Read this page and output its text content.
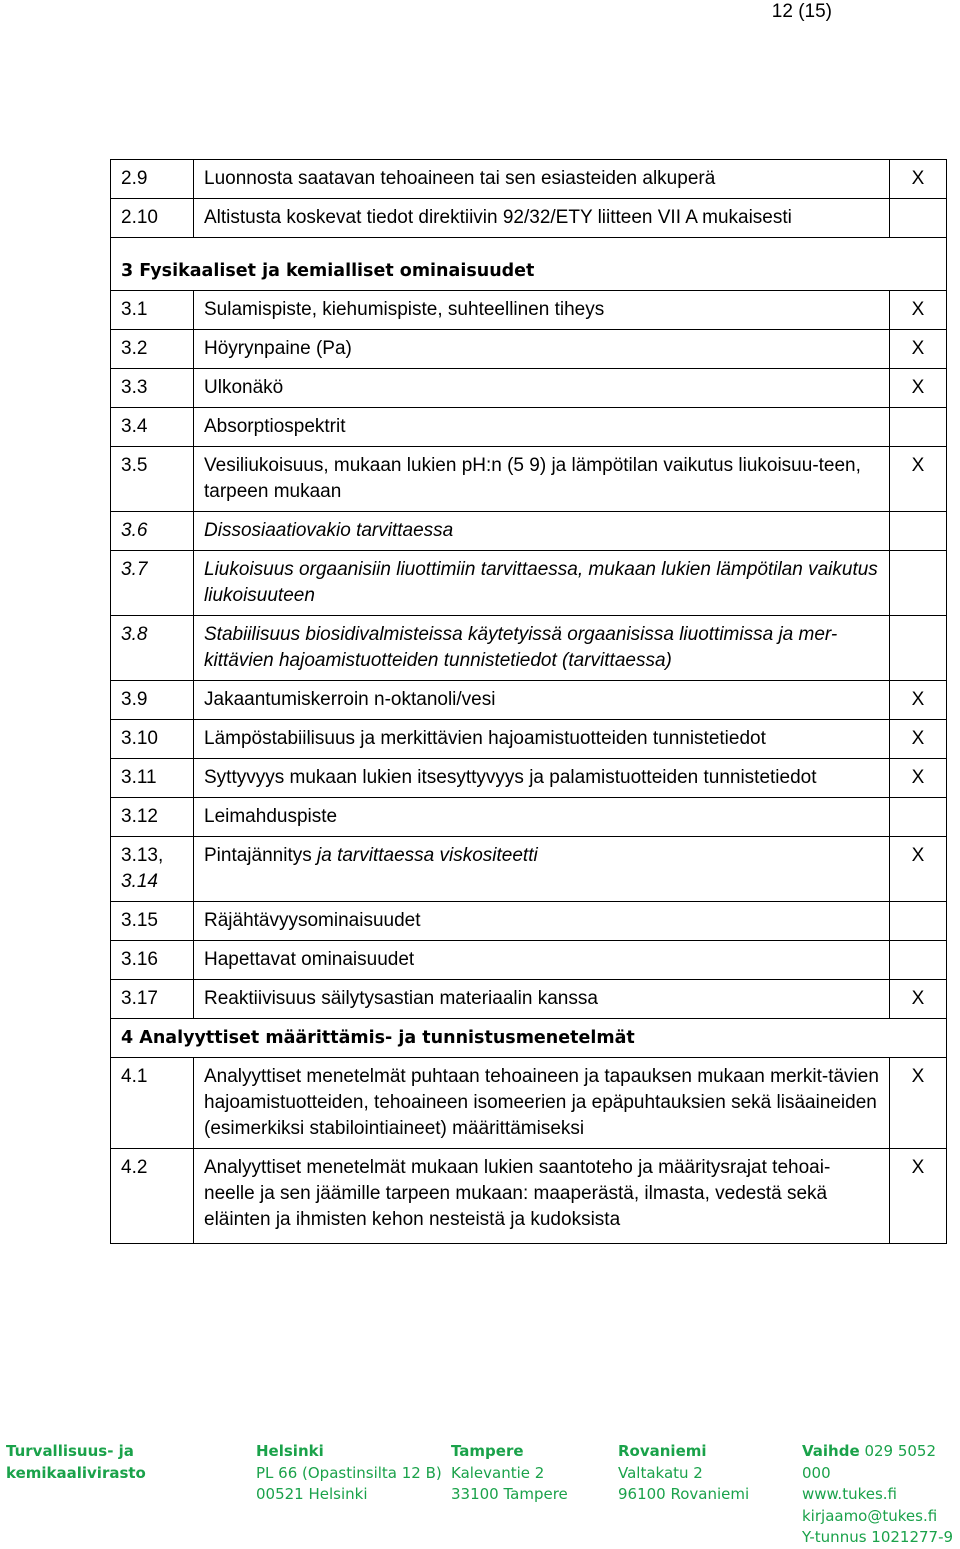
12 (15)
2.9	Luonnosta saatavan tehoaineen tai sen esiasteiden alkuperä	X
2.10	Altistusta koskevat tiedot direktiivin 92/32/ETY liitteen VII A mukaisesti	
3 Fysikaaliset ja kemialliset ominaisuudet		
3.1	Sulamispiste, kiehumispiste, suhteellinen tiheys	X
3.2	Höyrynpaine (Pa)	X
3.3	Ulkonäkö	X
3.4	Absorptiospektrit	
3.5	Vesiliukoisuus, mukaan lukien pH:n (5 9) ja lämpötilan vaikutus liukoisuu-teen, tarpeen mukaan	X
3.6	Dissosiaatiovakio tarvittaessa	
3.7	Liukoisuus orgaanisiin liuottimiin tarvittaessa, mukaan lukien lämpötilan vaikutus liukoisuuteen	
3.8	Stabiilisuus biosidivalmisteissa käytetyissä orgaanisissa liuottimissa ja mer-kittävien hajoamistuotteiden tunnistetiedot (tarvittaessa)	
3.9	Jakaantumiskerroin n-oktanoli/vesi	X
3.10	Lämpöstabiilisuus ja merkittävien hajoamistuotteiden tunnistetiedot	X
3.11	Syttyvyys mukaan lukien itsesyttyvyys ja palamistuotteiden tunnistetiedot	X
3.12	Leimahduspiste	
3.13,
3.14	Pintajännitys ja tarvittaessa viskositeetti	X
3.15	Räjähtävyysominaisuudet	
3.16	Hapettavat ominaisuudet	
3.17	Reaktiivisuus säilytysastian materiaalin kanssa	X
4 Analyyttiset määrittämis- ja tunnistusmenetelmät		
4.1	Analyyttiset menetelmät puhtaan tehoaineen ja tapauksen mukaan merkit-tävien hajoamistuotteiden, tehoaineen isomeerien ja epäpuhtauksien sekä lisäaineiden (esimerkiksi stabilointiaineet) määrittämiseksi	X
4.2	Analyyttiset menetelmät mukaan lukien saantoteho ja määritysrajat tehoai-neelle ja sen jäämille tarpeen mukaan: maaperästä, ilmasta, vedestä sekä eläinten ja ihmisten kehon nesteistä ja kudoksista	X
Turvallisuus- ja
kemikaalivirasto
Helsinki
PL 66 (Opastinsilta 12 B)
00521 Helsinki
Tampere
Kalevantie 2
33100 Tampere
Rovaniemi
Valtakatu 2
96100 Rovaniemi
Vaihde 029 5052 000
www.tukes.fi
kirjaamo@tukes.fi
Y-tunnus 1021277-9
